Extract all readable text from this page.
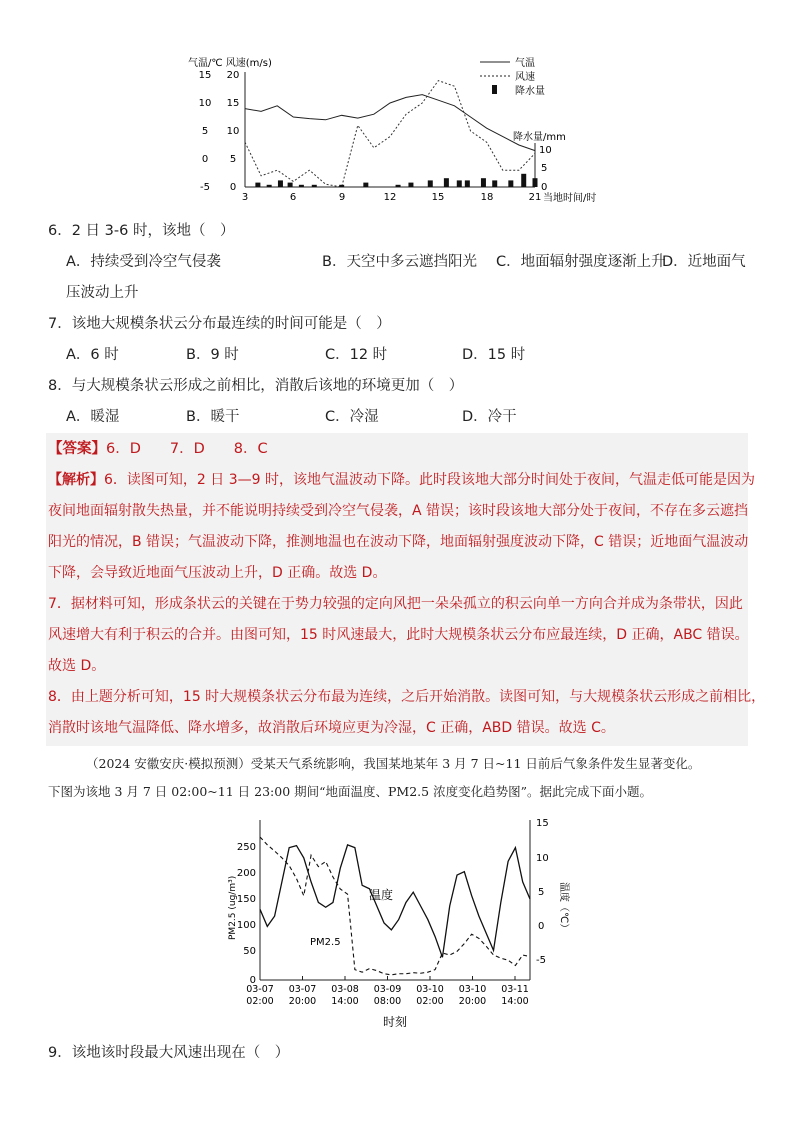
气温/℃ 风速(m/s)
15
10
5
0
-5
20
15
10
5
0
10
5
0
降水量/mm
当地时间/时
3	6	9	12	15	18	21
气温
风速
降水量
6．2 日 3-6 时，该地（　）
A．持续受到冷空气侵袭	B．天空中多云遮挡阳光 C．地面辐射强度逐渐上升
D．近地面气
压波动上升
7．该地大规模条状云分布最连续的时间可能是（　）
A．6 时	B．9 时	C．12 时	D．15 时
8．与大规模条状云形成之前相比，消散后该地的环境更加（　）
A．暖湿	B．暖干	C．冷湿	D．冷干
【答案】6．D　　7．D　　8．C
【解析】6．读图可知，2 日 3—9 时，该地气温波动下降。此时段该地大部分时间处于夜间，气温走低可能是因为
夜间地面辐射散失热量，并不能说明持续受到冷空气侵袭，A 错误；该时段该地大部分处于夜间，不存在多云遮挡
阳光的情况，B 错误；气温波动下降，推测地温也在波动下降，地面辐射强度波动下降，C 错误；近地面气温波动
下降，会导致近地面气压波动上升，D 正确。故选 D。
7．据材料可知，形成条状云的关键在于势力较强的定向风把一朵朵孤立的积云向单一方向合并成为条带状，因此
风速增大有利于积云的合并。由图可知，15 时风速最大，此时大规模条状云分布应最连续，D 正确，ABC 错误。
故选 D。
8．由上题分析可知，15 时大规模条状云分布最为连续，之后开始消散。读图可知，与大规模条状云形成之前相比，
消散时该地气温降低、降水增多，故消散后环境应更为冷湿，C 正确，ABD 错误。故选 C。
（2024 安徽安庆·模拟预测）受某天气系统影响，我国某地某年 3 月 7 日~11 日前后气象条件发生显著变化。
下图为该地 3 月 7 日 02:00~11 日 23:00 期间“地面温度、PM2.5 浓度变化趋势图”。据此完成下面小题。
250
200
150
100
50
0
15
10
5
0
-5
PM2.5 (ug/m³)	温度（℃）
03-07
02:00
03-07
20:00
03-08
14:00
03-09
08:00
03-10
02:00
03-10
20:00
03-11
14:00
时刻
温度
PM2.5
9．该地该时段最大风速出现在（　）
